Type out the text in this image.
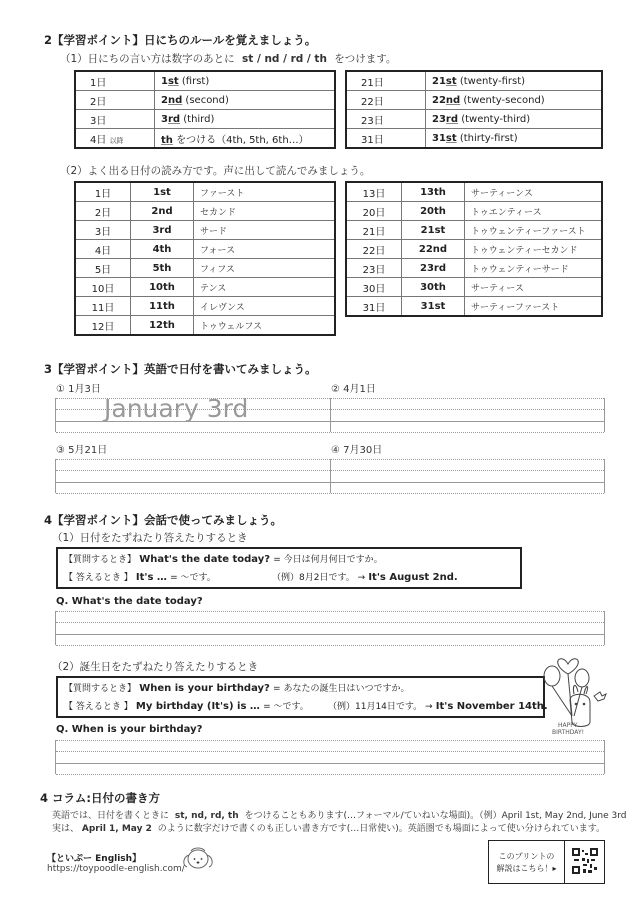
2【学習ポイント】日にちのルールを覚えましょう。
（1）日にちの言い方は数字のあとに st / nd / rd / th をつけます。
1日	1st (first)
2日	2nd (second)
3日	3rd (third)
4日 以降	th をつける（4th, 5th, 6th…）
21日	21st (twenty-first)
22日	22nd (twenty-second)
23日	23rd (twenty-third)
31日	31st (thirty-first)
（2）よく出る日付の読み方です。声に出して読んでみましょう。
1日	1st	ファースト
2日	2nd	セカンド
3日	3rd	サード
4日	4th	フォース
5日	5th	フィフス
10日	10th	テンス
11日	11th	イレヴンス
12日	12th	トゥウェルフス
13日	13th	サーティーンス
20日	20th	トゥエンティース
21日	21st	トゥウェンティーファースト
22日	22nd	トゥウェンティーセカンド
23日	23rd	トゥウェンティーサード
30日	30th	サーティース
31日	31st	サーティーファースト
3【学習ポイント】英語で日付を書いてみましょう。
① 1月3日	② 4月1日
January 3rd
③ 5月21日	④ 7月30日
4【学習ポイント】会話で使ってみましょう。
（1）日付をたずねたり答えたりするとき
【質問するとき】 What's the date today? = 今日は何月何日ですか。
【 答えるとき 】 It's … = ～です。	（例）8月2日です。 → It's August 2nd.
Q. What's the date today?
（2）誕生日をたずねたり答えたりするとき
【質問するとき】 When is your birthday? = あなたの誕生日はいつですか。
【 答えるとき 】 My birthday (It's) is … = ～です。 （例）11月14日です。 → It's November 14th.
HAPPY
BIRTHDAY!
Q. When is your birthday?
4 コラム:日付の書き方
英語では、日付を書くときに st, nd, rd, th をつけることもあります(…フォーマル/ていねいな場面)。（例）April 1st, May 2nd, June 3rd
実は、 April 1, May 2 のように数字だけで書くのも正しい書き方です(…日常使い)。英語圏でも場面によって使い分けられています。
【といぷー English】
https://toypoodle-english.com/
このプリントの
解説はこちら！▸
